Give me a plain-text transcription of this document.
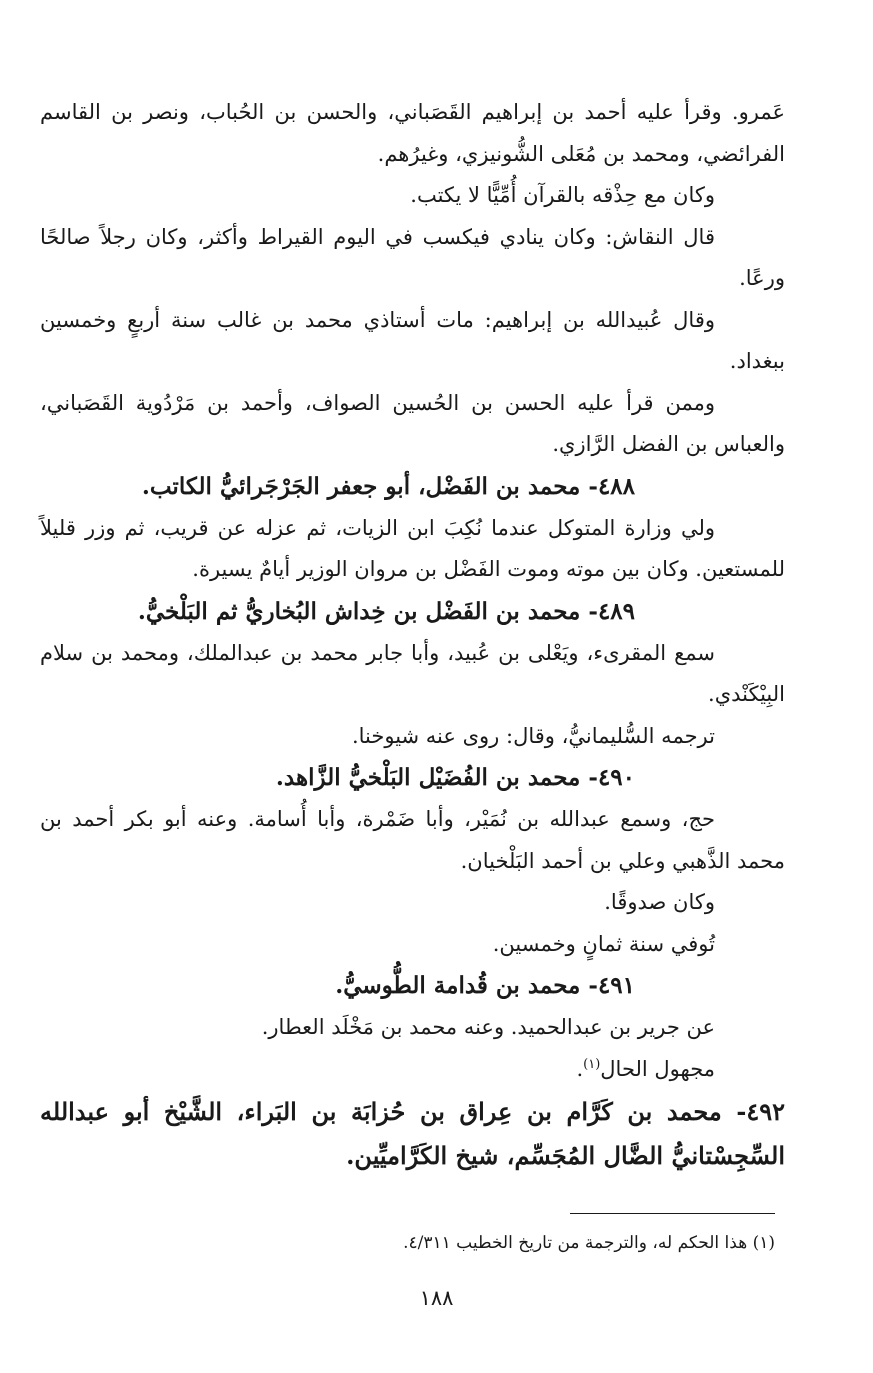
عَمرو. وقرأ عليه أحمد بن إبراهيم القَصَباني، والحسن بن الحُباب، ونصر بن القاسم الفرائضي، ومحمد بن مُعَلى الشُّونيزي، وغيرُهم.

وكان مع حِذْقه بالقرآن أُمِّيًّا لا يكتب.

قال النقاش: وكان ينادي فيكسب في اليوم القيراط وأكثر، وكان رجلاً صالحًا ورعًا.

وقال عُبيدالله بن إبراهيم: مات أستاذي محمد بن غالب سنة أربعٍ وخمسين ببغداد.

وممن قرأ عليه الحسن بن الحُسين الصواف، وأحمد بن مَرْدُوية القَصَباني، والعباس بن الفضل الرَّازي.

٤٨٨- محمد بن الفَضْل، أبو جعفر الجَرْجَرائيُّ الكاتب.

ولي وزارة المتوكل عندما نُكِبَ ابن الزيات، ثم عزله عن قريب، ثم وزر قليلاً للمستعين. وكان بين موته وموت الفَضْل بن مروان الوزير أيامٌ يسيرة.

٤٨٩- محمد بن الفَضْل بن خِداش البُخاريُّ ثم البَلْخيُّ.

سمع المقرىء، ويَعْلى بن عُبيد، وأبا جابر محمد بن عبدالملك، ومحمد بن سلام البِيْكَنْدي.

ترجمه السُّليمانيُّ، وقال: روى عنه شيوخنا.

٤٩٠- محمد بن الفُضَيْل البَلْخيُّ الزَّاهد.

حج، وسمع عبدالله بن نُمَيْر، وأبا ضَمْرة، وأبا أُسامة. وعنه أبو بكر أحمد بن محمد الذَّهبي وعلي بن أحمد البَلْخيان.

وكان صدوقًا.

تُوفي سنة ثمانٍ وخمسين.

٤٩١- محمد بن قُدامة الطُّوسيُّ.

عن جرير بن عبدالحميد. وعنه محمد بن مَخْلَد العطار.

مجهول الحال$^{(١)}$.

٤٩٢- محمد بن كَرَّام بن عِراق بن حُزابَة بن البَراء، الشَّيْخ أبو عبدالله السِّجِسْتانيُّ الضَّال المُجَسِّم، شيخ الكَرَّاميِّين.
(١) هذا الحكم له، والترجمة من تاريخ الخطيب ٤/٣١١.
١٨٨
